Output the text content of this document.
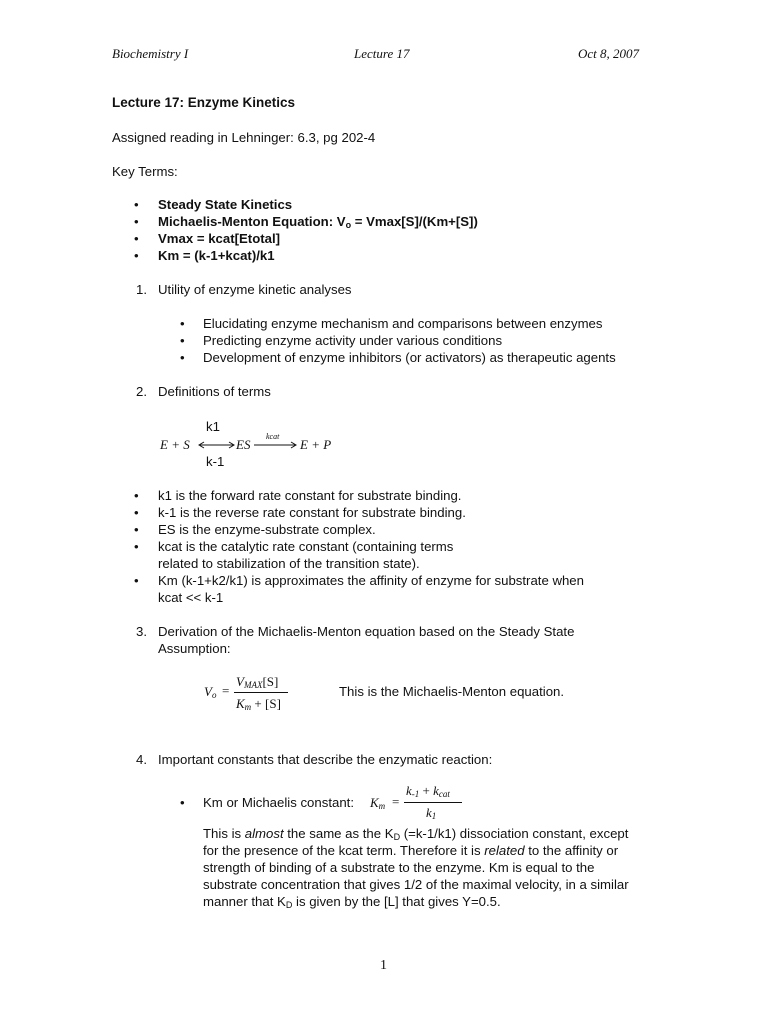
Biochemistry I	Lecture 17	Oct 8, 2007
Lecture 17: Enzyme Kinetics
Assigned reading in Lehninger: 6.3, pg 202-4
Key Terms:
• Steady State Kinetics
• Michaelis-Menton Equation: $V_o = Vmax[S]/(Km+[S])$
• Vmax = kcat[Etotal]
• Km = (k-1+kcat)/k1
1. Utility of enzyme kinetic analyses
• Elucidating enzyme mechanism and comparisons between enzymes
• Predicting enzyme activity under various conditions
• Development of enzyme inhibitors (or activators) as therapeutic agents
2. Definitions of terms
k1
E + S	ES
kcat
E + P
k-1
• k1 is the forward rate constant for substrate binding.
• k-1 is the reverse rate constant for substrate binding.
• ES is the enzyme-substrate complex.
• kcat is the catalytic rate constant (containing terms
related to stabilization of the transition state).
• Km (k-1+k2/k1) is approximates the affinity of enzyme for substrate when
kcat << k-1
3. Derivation of the Michaelis-Menton equation based on the Steady State
Assumption:
$V_o$ =
$V_{MAX}[S]$
$K_m + [S]$
This is the Michaelis-Menton equation.
4. Important constants that describe the enzymatic reaction:
• Km or Michaelis constant: $K_m$ =
$k_{-1} + k_{cat}$
$k_1$
This is almost the same as the $K_D$ (=k-1/k1) dissociation constant, except
for the presence of the kcat term. Therefore it is related to the affinity or
strength of binding of a substrate to the enzyme. Km is equal to the
substrate concentration that gives 1/2 of the maximal velocity, in a similar
manner that $K_D$ is given by the [L] that gives Y=0.5.
1
